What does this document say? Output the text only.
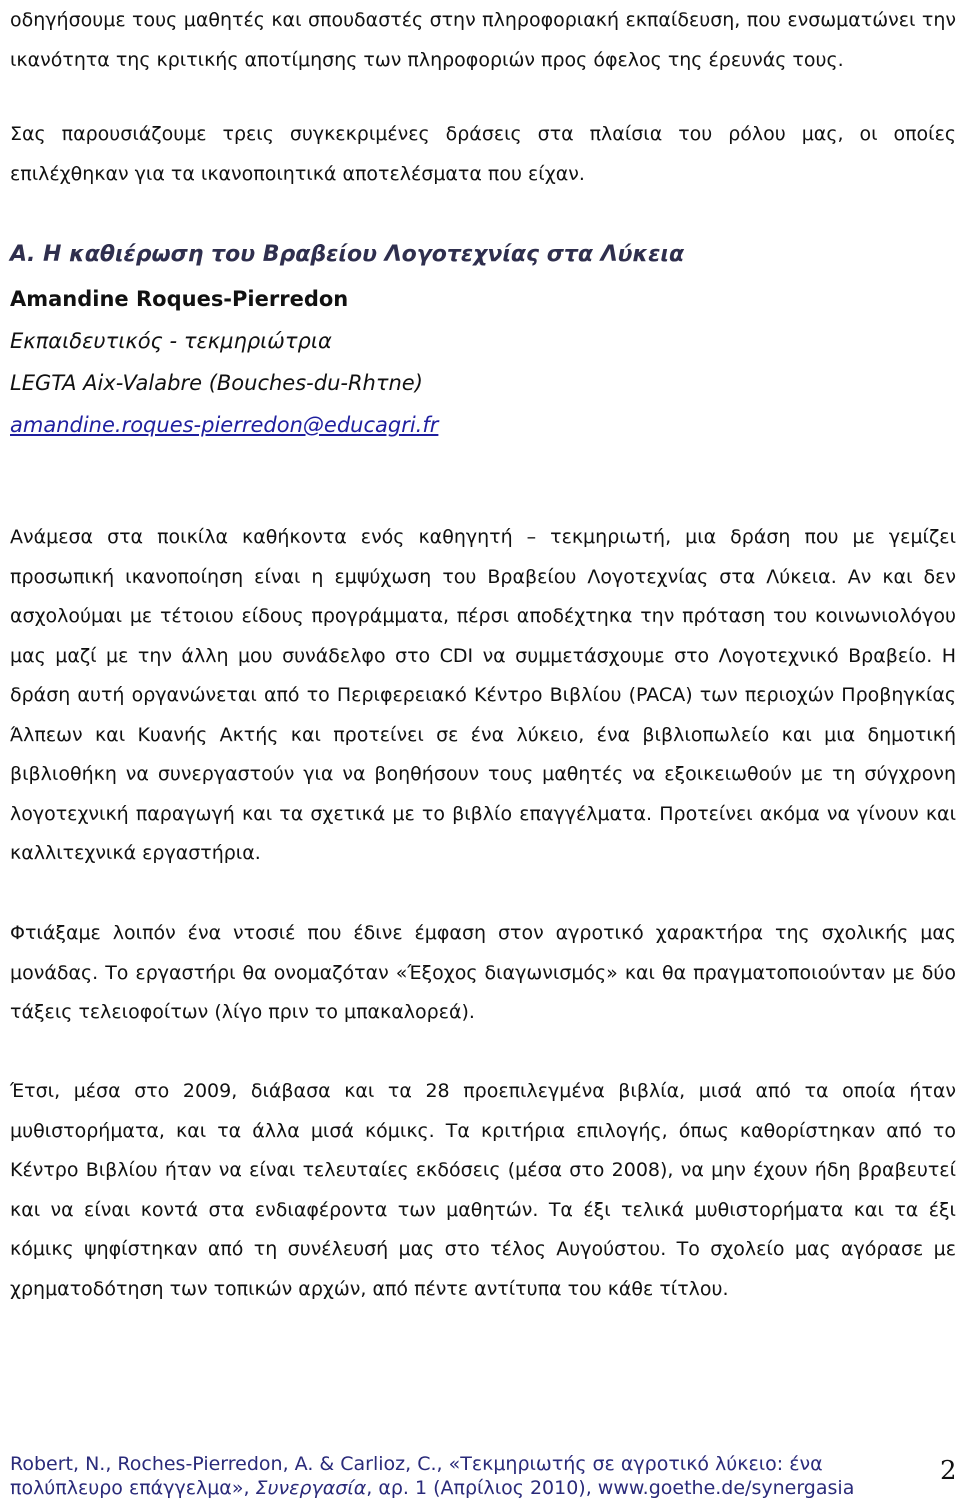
οδηγήσουμε τους μαθητές και σπουδαστές στην πληροφοριακή εκπαίδευση, που ενσωματώνει την ικανότητα της κριτικής αποτίμησης των πληροφοριών προς όφελος της έρευνάς τους.

Σας παρουσιάζουμε τρεις συγκεκριμένες δράσεις στα πλαίσια του ρόλου μας, οι οποίες επιλέχθηκαν για τα ικανοποιητικά αποτελέσματα που είχαν.

Α. Η καθιέρωση του Βραβείου Λογοτεχνίας στα Λύκεια
Amandine Roques-Pierredon
Εκπαιδευτικός - τεκμηριώτρια
LEGTA Aix-Valabre (Bouches-du-Rhτne)
amandine.roques-pierredon@educagri.fr

Ανάμεσα στα ποικίλα καθήκοντα ενός καθηγητή – τεκμηριωτή, μια δράση που με γεμίζει προσωπική ικανοποίηση είναι η εμψύχωση του Βραβείου Λογοτεχνίας στα Λύκεια. Αν και δεν ασχολούμαι με τέτοιου είδους προγράμματα, πέρσι αποδέχτηκα την πρόταση του κοινωνιολόγου μας μαζί με την άλλη μου συνάδελφο στο CDI να συμμετάσχουμε στο Λογοτεχνικό Βραβείο. Η δράση αυτή οργανώνεται από το Περιφερειακό Κέντρο Βιβλίου (PACA) των περιοχών Προβηγκίας Άλπεων και Κυανής Ακτής και προτείνει σε ένα λύκειο, ένα βιβλιοπωλείο και μια δημοτική βιβλιοθήκη να συνεργαστούν για να βοηθήσουν τους μαθητές να εξοικειωθούν με τη σύγχρονη λογοτεχνική παραγωγή και τα σχετικά με το βιβλίο επαγγέλματα. Προτείνει ακόμα να γίνουν και καλλιτεχνικά εργαστήρια.

Φτιάξαμε λοιπόν ένα ντοσιέ που έδινε έμφαση στον αγροτικό χαρακτήρα της σχολικής μας μονάδας. Το εργαστήρι θα ονομαζόταν «Έξοχος διαγωνισμός» και θα πραγματοποιούνταν με δύο τάξεις τελειοφοίτων (λίγο πριν το μπακαλορεά).

Έτσι, μέσα στο 2009, διάβασα και τα 28 προεπιλεγμένα βιβλία, μισά από τα οποία ήταν μυθιστορήματα, και τα άλλα μισά κόμικς. Τα κριτήρια επιλογής, όπως καθορίστηκαν από το Κέντρο Βιβλίου ήταν να είναι τελευταίες εκδόσεις (μέσα στο 2008), να μην έχουν ήδη βραβευτεί και να είναι κοντά στα ενδιαφέροντα των μαθητών. Τα έξι τελικά μυθιστορήματα και τα έξι κόμικς ψηφίστηκαν από τη συνέλευσή μας στο τέλος Αυγούστου. Το σχολείο μας αγόρασε με χρηματοδότηση των τοπικών αρχών, από πέντε αντίτυπα του κάθε τίτλου.

Robert, N., Roches-Pierredon, A. & Carlioz, C., «Τεκμηριωτής σε αγροτικό λύκειο: ένα πολύπλευρο επάγγελμα», Συνεργασία, αρ. 1 (Απρίλιος 2010), www.goethe.de/synergasia
2
